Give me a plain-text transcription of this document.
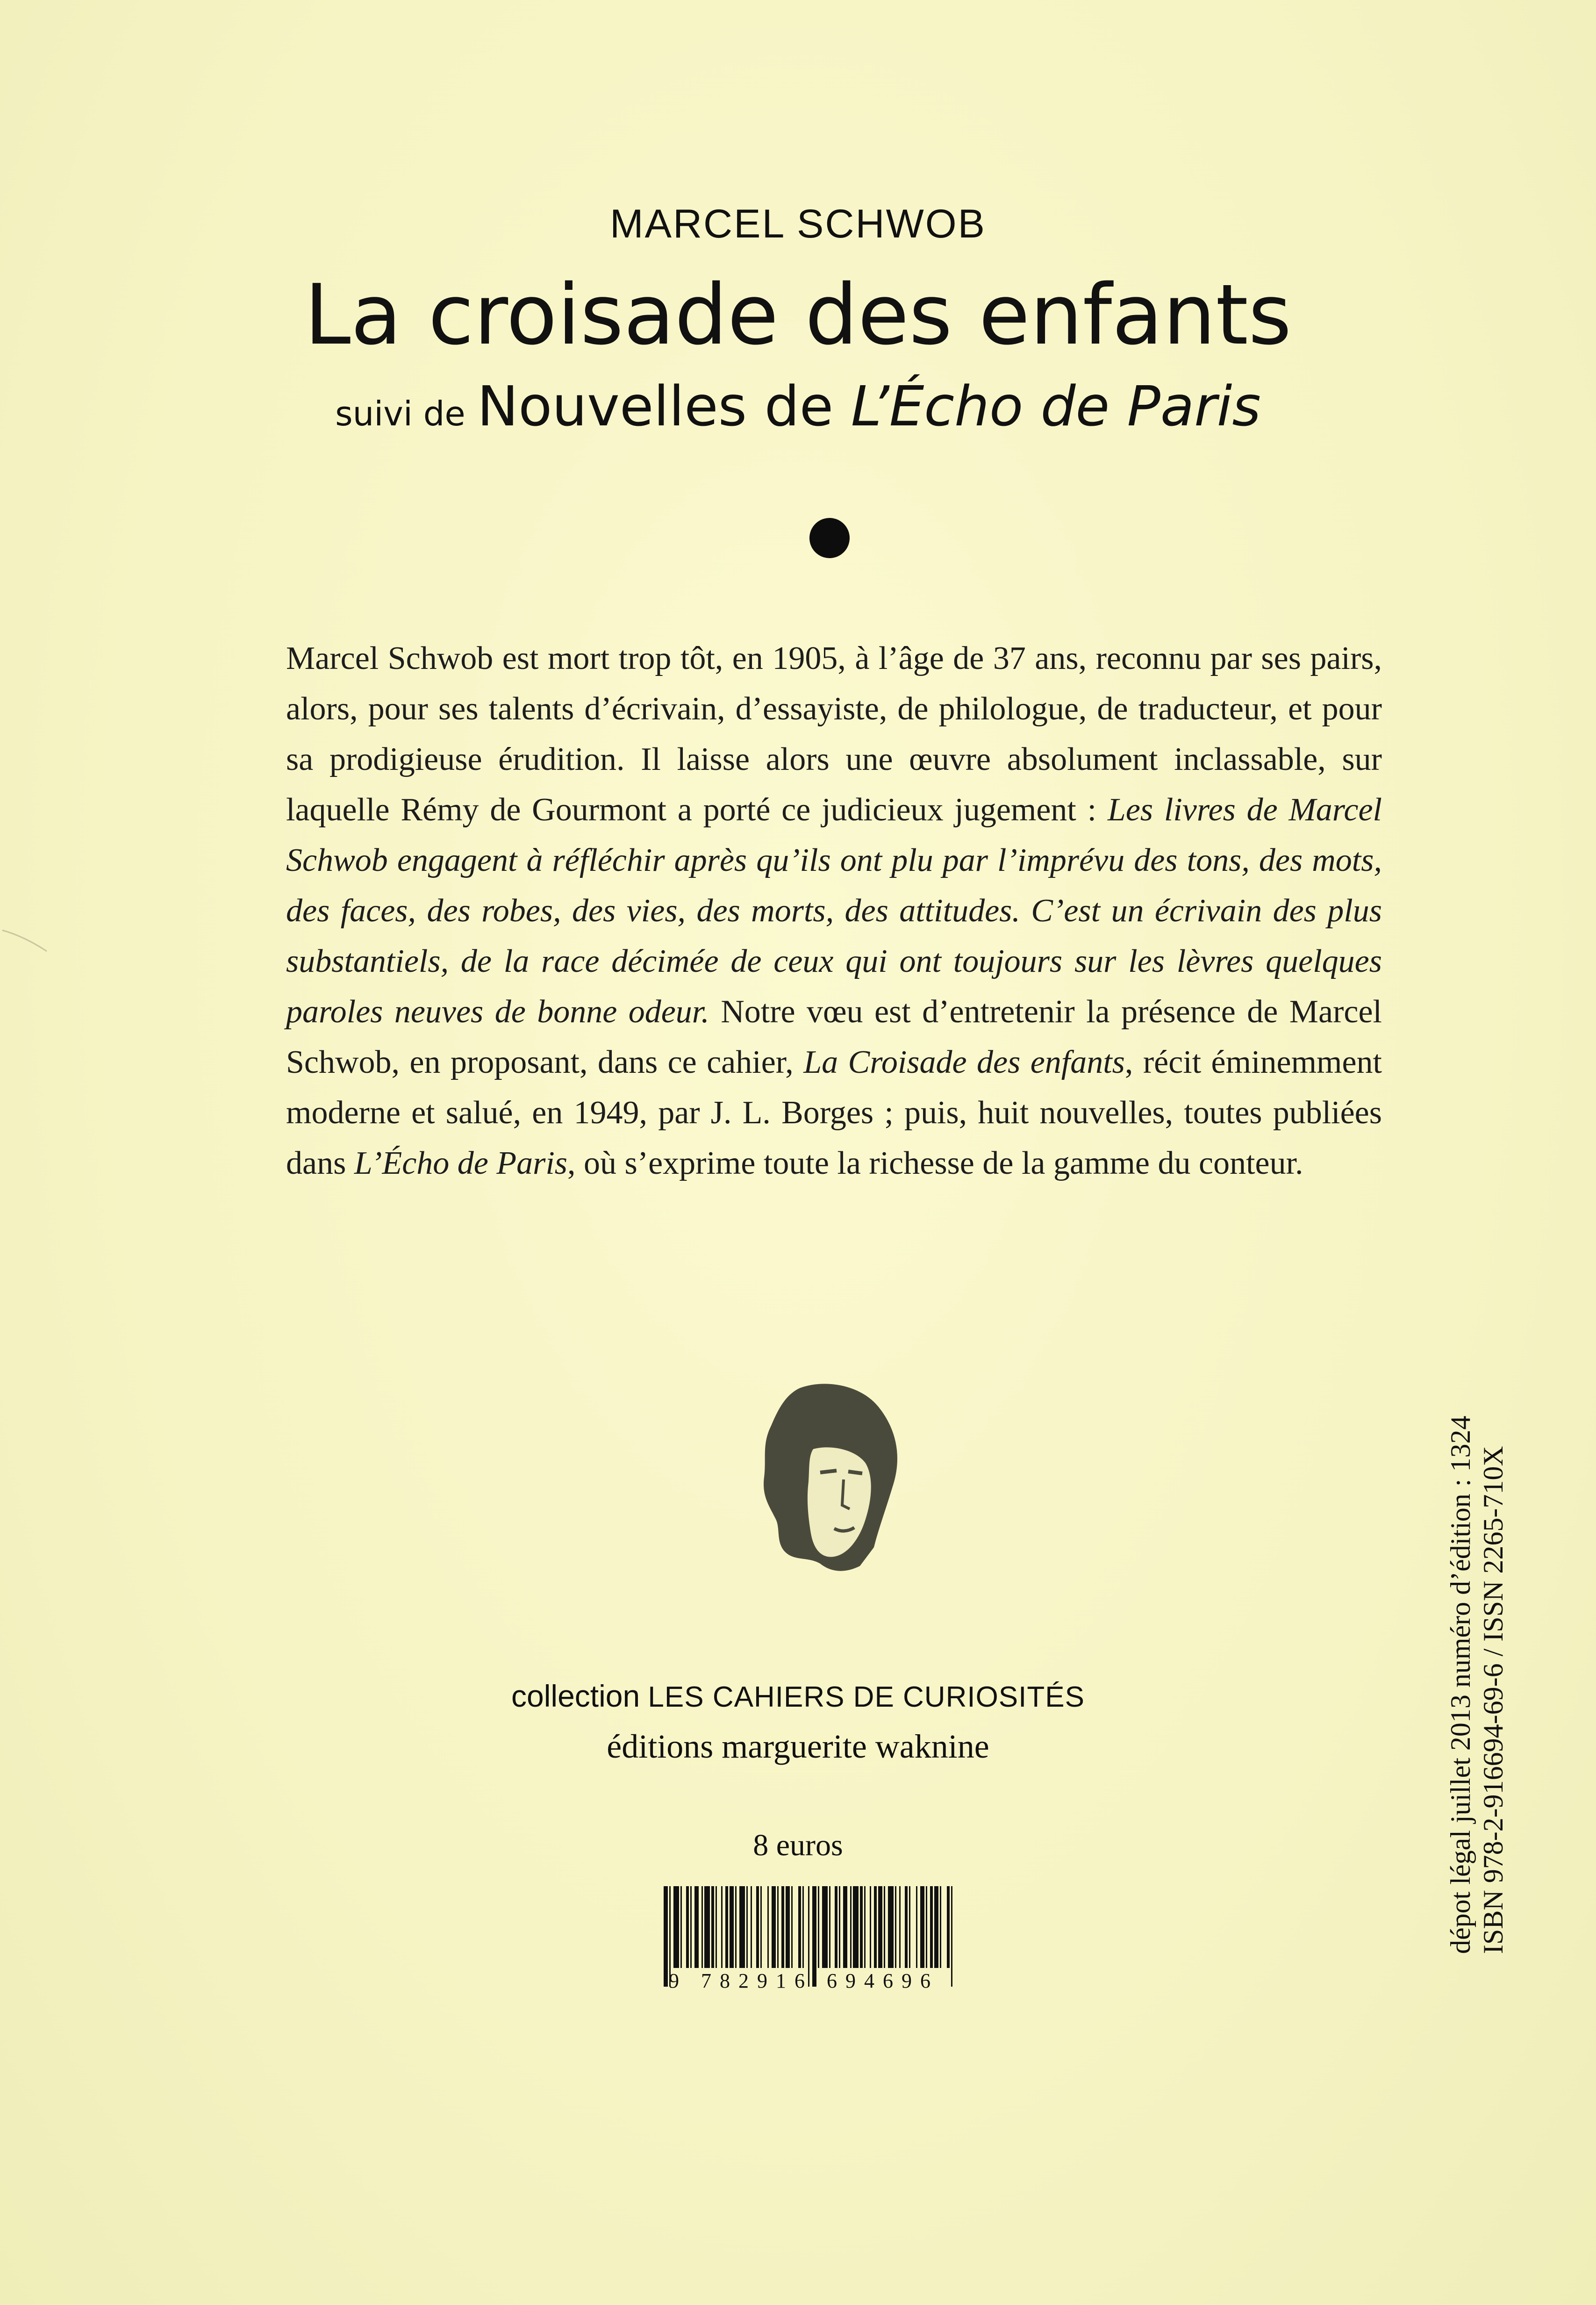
MARCEL SCHWOB
La croisade des enfants
suivi de Nouvelles de L’Écho de Paris
Marcel Schwob est mort trop tôt, en 1905, à l’âge de 37 ans, reconnu par ses pairs, alors, pour ses talents d’écrivain, d’essayiste, de philologue, de traducteur, et pour sa prodigieuse érudition. Il laisse alors une œuvre absolument inclassable, sur laquelle Rémy de Gourmont a porté ce judicieux jugement : Les livres de Marcel Schwob engagent à réfléchir après qu’ils ont plu par l’imprévu des tons, des mots, des faces, des robes, des vies, des morts, des attitudes. C’est un écrivain des plus substantiels, de la race décimée de ceux qui ont toujours sur les lèvres quelques paroles neuves de bonne odeur. Notre vœu est d’entretenir la présence de Marcel Schwob, en proposant, dans ce cahier, La Croisade des enfants, récit éminemment moderne et salué, en 1949, par J. L. Borges ; puis, huit nouvelles, toutes publiées dans L’Écho de Paris, où s’exprime toute la richesse de la gamme du conteur.
collection LES CAHIERS DE CURIOSITÉS
éditions marguerite waknine
8 euros
9 782916 694696
dépot légal juillet 2013 numéro d’édition : 1324 ISBN 978-2-916694-69-6 / ISSN 2265-710X
